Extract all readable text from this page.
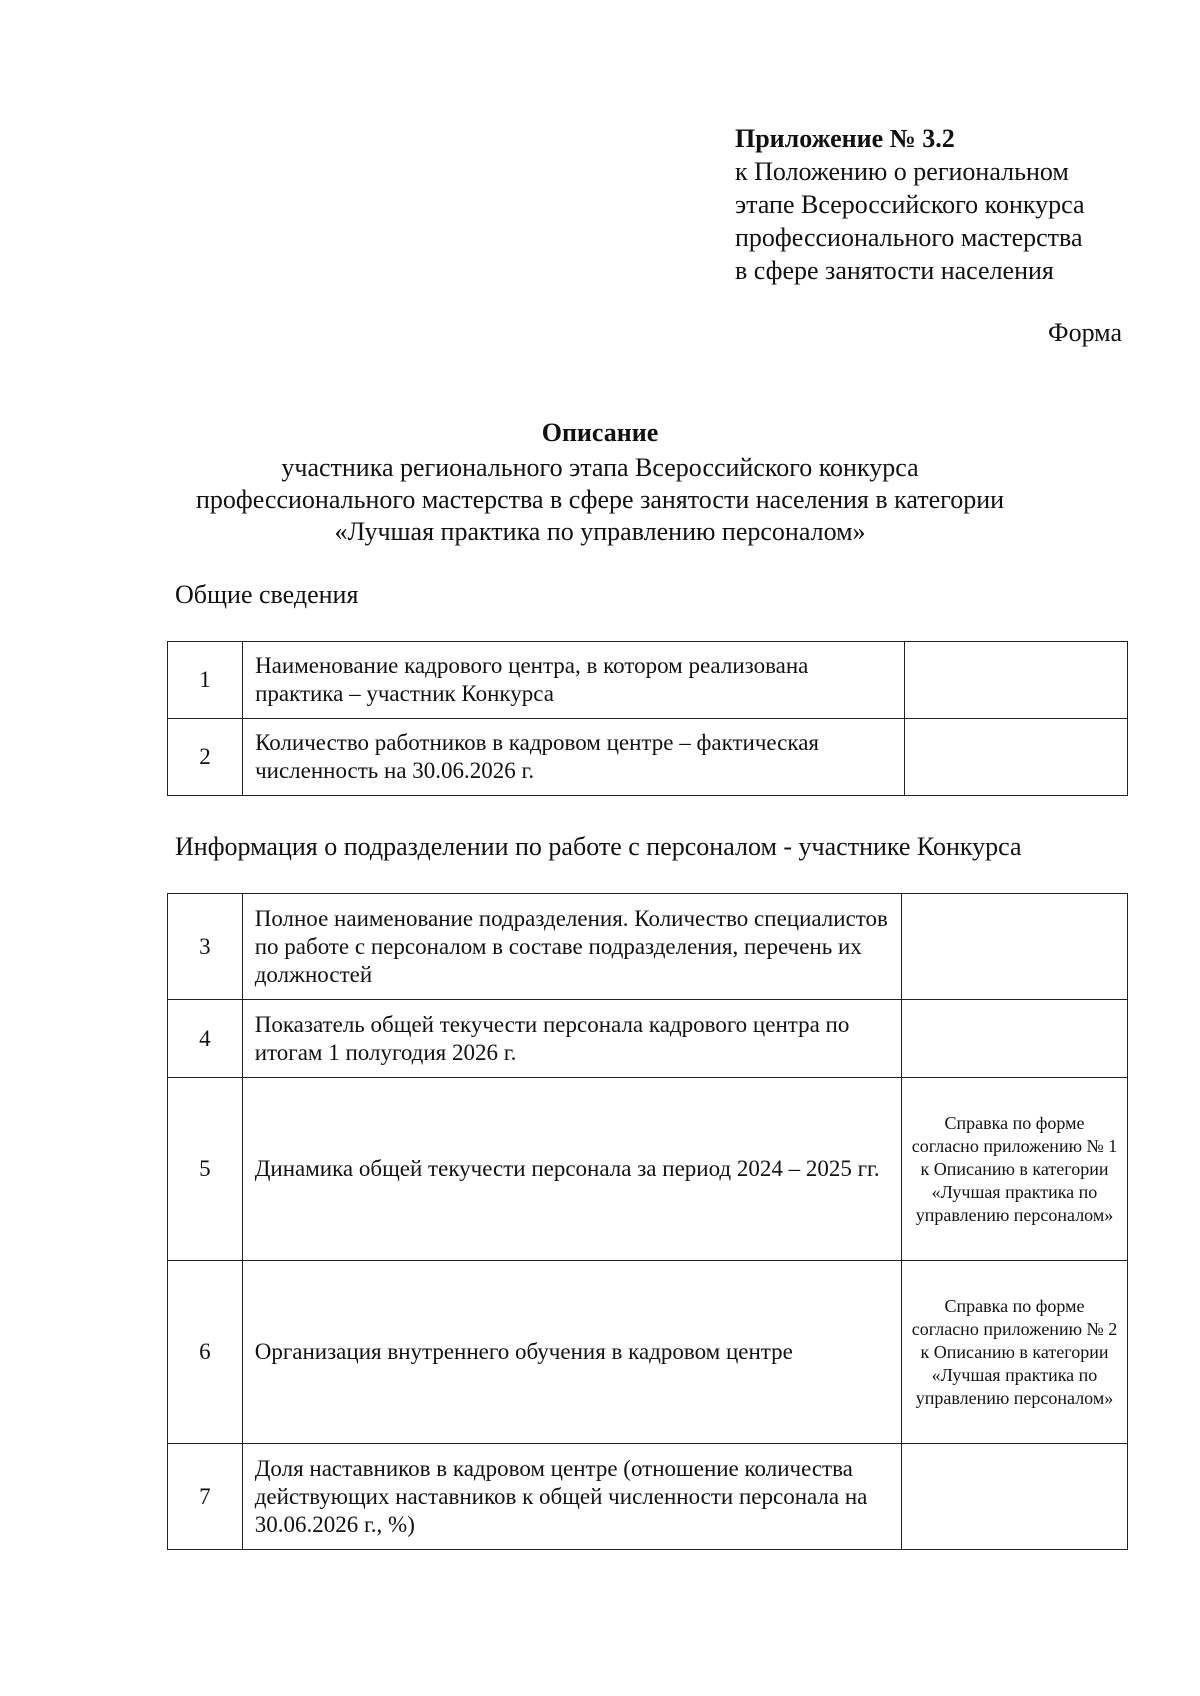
Приложение № 3.2
к Положению о региональном
этапе Всероссийского конкурса
профессионального мастерства
в сфере занятости населения
Форма
Описание
участника регионального этапа Всероссийского конкурса
профессионального мастерства в сфере занятости населения в категории
«Лучшая практика по управлению персоналом»
Общие сведения
1	Наименование кадрового центра, в котором реализована практика – участник Конкурса	
2	Количество работников в кадровом центре – фактическая численность на 30.06.2026 г.	
Информация о подразделении по работе с персоналом - участнике Конкурса
3	Полное наименование подразделения. Количество специалистов по работе с персоналом в составе подразделения, перечень их должностей	
4	Показатель общей текучести персонала кадрового центра по итогам 1 полугодия 2026 г.	
5	Динамика общей текучести персонала за период 2024 – 2025 гг.	Справка по форме согласно приложению № 1 к Описанию в категории «Лучшая практика по управлению персоналом»

6	Организация внутреннего обучения в кадровом центре	Справка по форме согласно приложению № 2 к Описанию в категории «Лучшая практика по управлению персоналом»

7	Доля наставников в кадровом центре (отношение количества действующих наставников к общей численности персонала на 30.06.2026 г., %)	
